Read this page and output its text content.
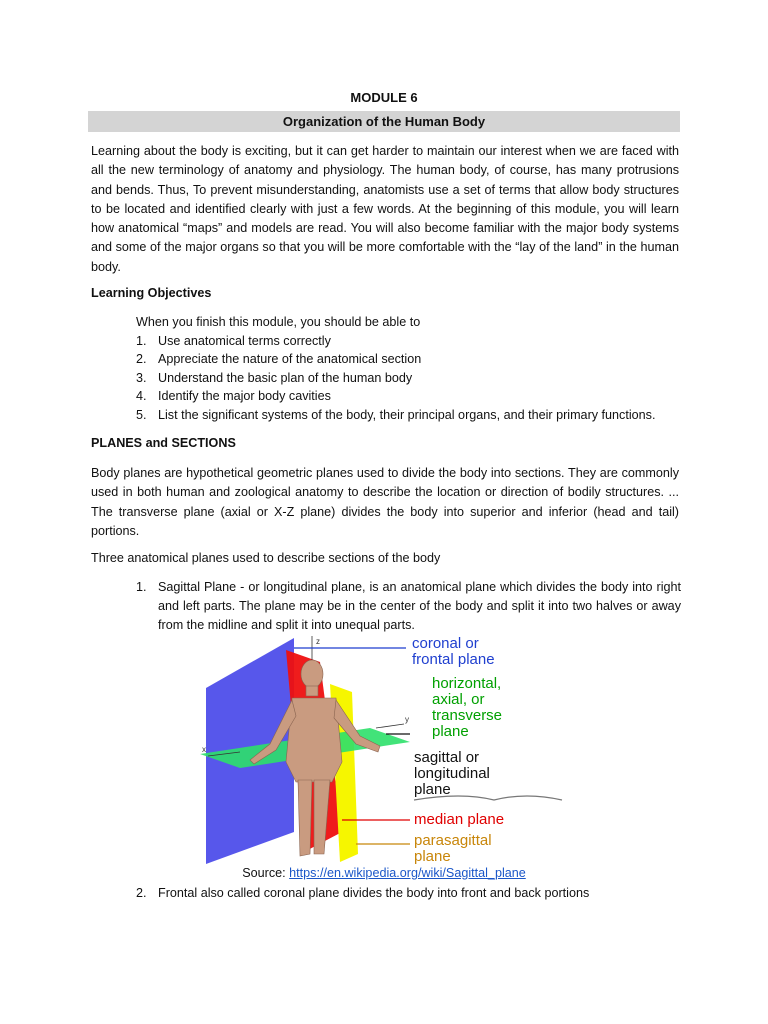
MODULE 6
Organization of the Human Body

Learning about the body is exciting, but it can get harder to maintain our interest when we are faced with all the new terminology of anatomy and physiology. The human body, of course, has many protrusions and bends. Thus, To prevent misunderstanding, anatomists use a set of terms that allow body structures to be located and identified clearly with just a few words. At the beginning of this module, you will learn how anatomical “maps” and models are read. You will also become familiar with the major body systems and some of the major organs so that you will be more comfortable with the “lay of the land” in the human body.

Learning Objectives

When you finish this module, you should be able to

1. Use anatomical terms correctly
2. Appreciate the nature of the anatomical section
3. Understand the basic plan of the human body
4. Identify the major body cavities
5. List the significant systems of the body, their principal organs, and their primary functions.

PLANES and SECTIONS

Body planes are hypothetical geometric planes used to divide the body into sections. They are commonly used in both human and zoological anatomy to describe the location or direction of bodily structures. ... The transverse plane (axial or X-Z plane) divides the body into superior and inferior (head and tail) portions.

Three anatomical planes used to describe sections of the body

1. Sagittal Plane - or longitudinal plane, is an anatomical plane which divides the body into right and left parts. The plane may be in the center of the body and split it into two halves or away from the midline and split it into unequal parts.
z
x
y
coronal or
frontal plane
horizontal,
axial, or
transverse
plane
sagittal or
longitudinal
plane
median plane
parasagittal
plane
Source: https://en.wikipedia.org/wiki/Sagittal_plane
2. Frontal also called coronal plane divides the body into front and back portions
